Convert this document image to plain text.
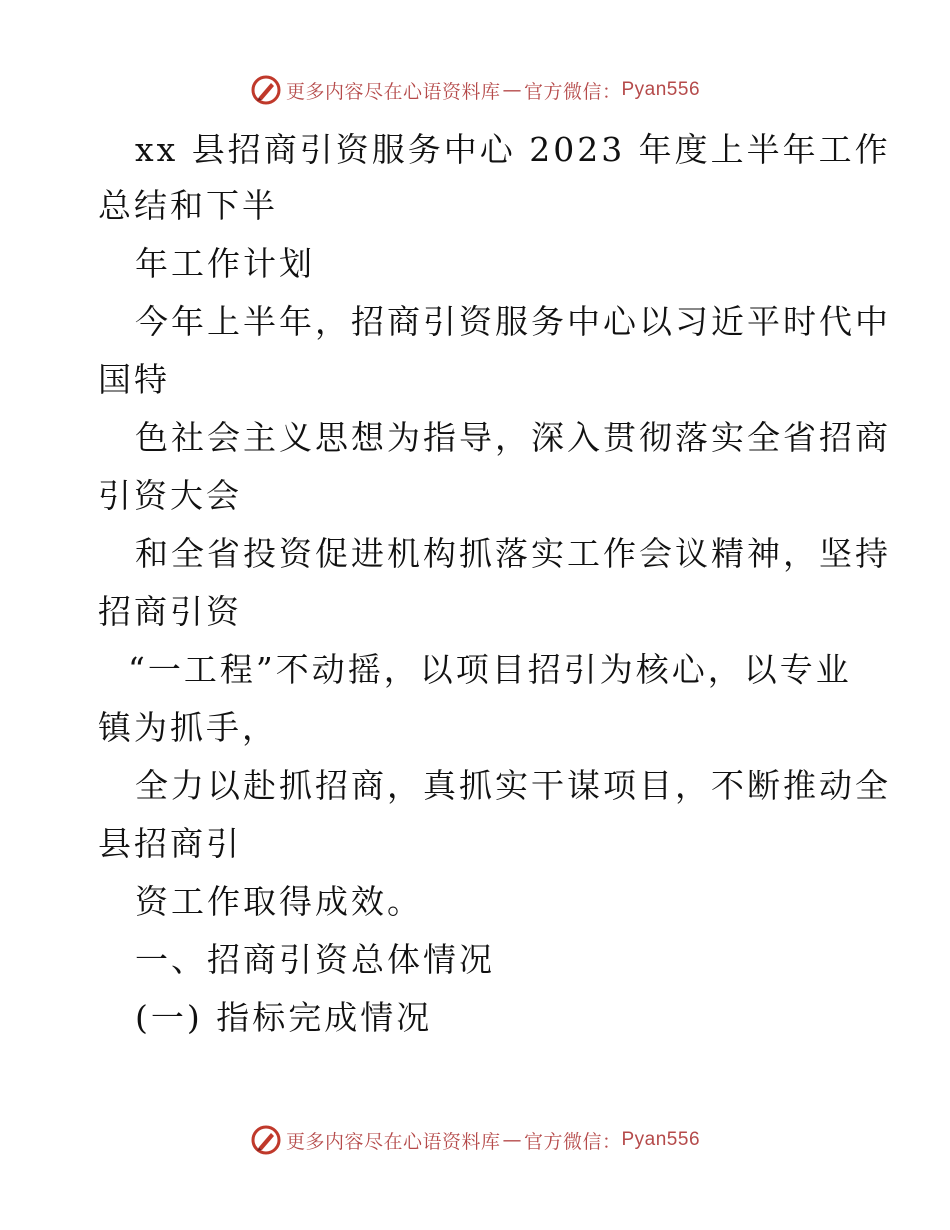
更多内容尽在心语资料库 — 官方微信： Pyan556
xx 县招商引资服务中心 2023 年度上半年工作
总结和下半
年工作计划
今年上半年，招商引资服务中心以习近平时代中
国特
色社会主义思想为指导，深入贯彻落实全省招商
引资大会
和全省投资促进机构抓落实工作会议精神，坚持
招商引资
“一工程”不动摇，以项目招引为核心，以专业
镇为抓手，
全力以赴抓招商，真抓实干谋项目，不断推动全
县招商引
资工作取得成效。
一、招商引资总体情况
(一) 指标完成情况
更多内容尽在心语资料库 — 官方微信： Pyan556
